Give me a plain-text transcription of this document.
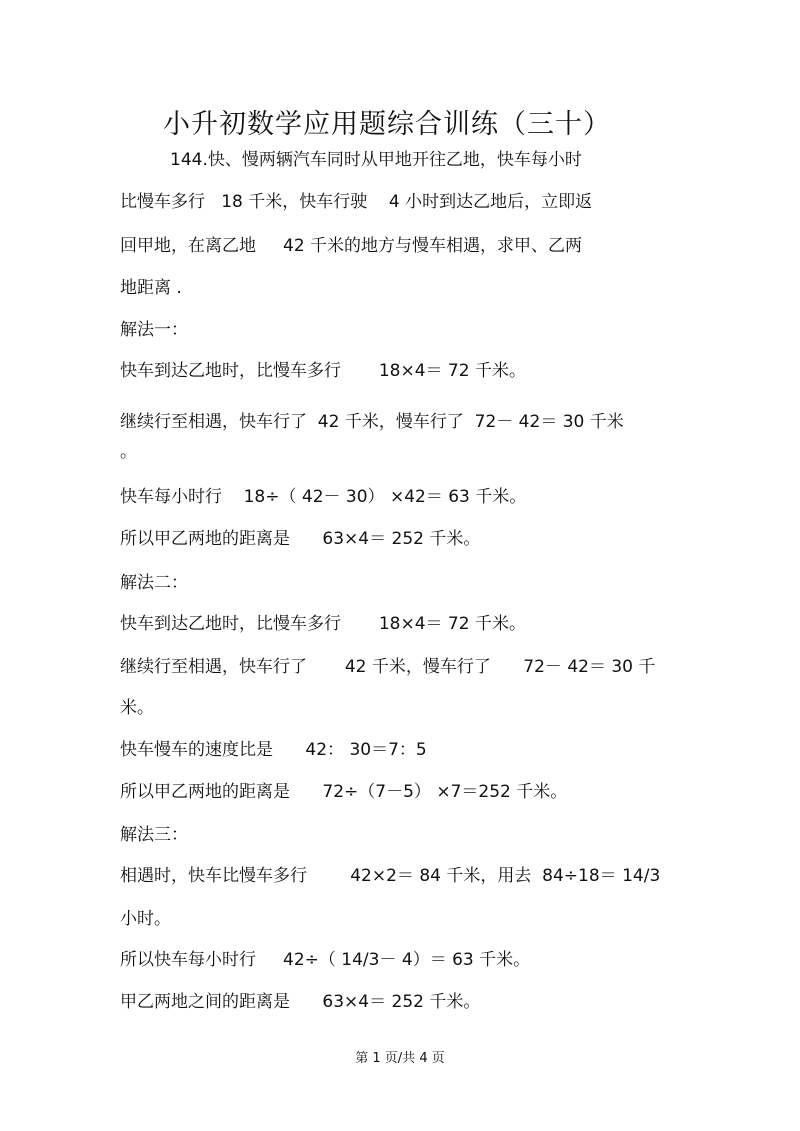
小升初数学应用题综合训练（三十）
144.快、慢两辆汽车同时从甲地开往乙地，快车每小时
比慢车多行   18 千米，快车行驶    4 小时到达乙地后，立即返
回甲地，在离乙地     42 千米的地方与慢车相遇，求甲、乙两
地距离 .
解法一：
快车到达乙地时，比慢车多行       18×4＝ 72 千米。
继续行至相遇，快车行了  42 千米，慢车行了  72－ 42＝ 30 千米
。
快车每小时行    18÷（ 42－ 30） ×42＝ 63 千米。
所以甲乙两地的距离是      63×4＝ 252 千米。
解法二：
快车到达乙地时，比慢车多行       18×4＝ 72 千米。
继续行至相遇，快车行了       42 千米，慢车行了      72－ 42＝ 30 千
米。
快车慢车的速度比是      42： 30＝7：5
所以甲乙两地的距离是      72÷（7－5） ×7＝252 千米。
解法三：
相遇时，快车比慢车多行        42×2＝ 84 千米，用去  84÷18＝ 14/3
小时。
所以快车每小时行     42÷（ 14/3－ 4）＝ 63 千米。
甲乙两地之间的距离是      63×4＝ 252 千米。
第 1 页/共 4 页
